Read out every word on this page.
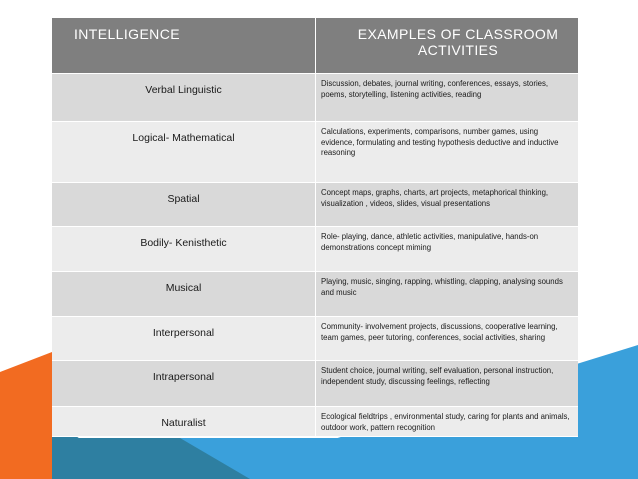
INTELLIGENCE	EXAMPLES OF CLASSROOM ACTIVITIES
Verbal Linguistic
Discussion, debates, journal writing, conferences, essays, stories, poems, storytelling, listening activities, reading
Logical- Mathematical
Calculations, experiments, comparisons, number games, using evidence, formulating and testing hypothesis deductive and inductive reasoning
Spatial
Concept maps, graphs, charts, art projects, metaphorical thinking, visualization , videos, slides, visual presentations
Bodily- Kenisthetic
Role- playing, dance, athletic activities, manipulative, hands-on demonstrations concept miming
Musical
Playing, music, singing, rapping, whistling, clapping, analysing sounds and music
Interpersonal
Community- involvement projects, discussions, cooperative learning, team games, peer tutoring, conferences, social activities, sharing
Intrapersonal
Student choice, journal writing, self evaluation, personal instruction, independent study, discussing feelings, reflecting
Naturalist
Ecological fieldtrips , environmental study, caring for plants and animals, outdoor work, pattern recognition
